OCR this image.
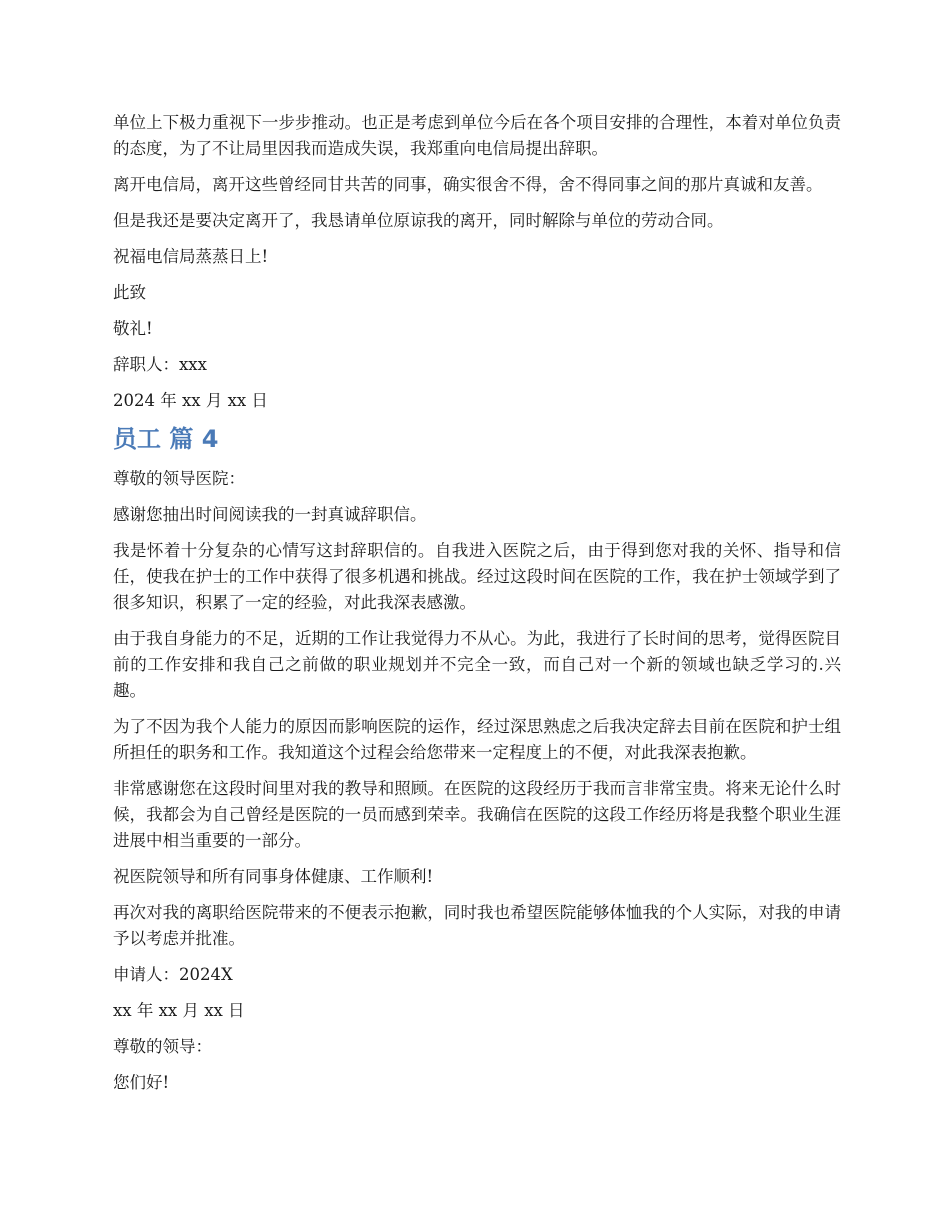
单位上下极力重视下一步步推动。也正是考虑到单位今后在各个项目安排的合理性，本着对单位负责的态度，为了不让局里因我而造成失误，我郑重向电信局提出辞职。

离开电信局，离开这些曾经同甘共苦的同事，确实很舍不得，舍不得同事之间的那片真诚和友善。

但是我还是要决定离开了，我恳请单位原谅我的离开，同时解除与单位的劳动合同。

祝福电信局蒸蒸日上!

此致

敬礼!

辞职人：xxx

2024 年 xx 月 xx 日

员工 篇 4

尊敬的领导医院：

感谢您抽出时间阅读我的一封真诚辞职信。

我是怀着十分复杂的心情写这封辞职信的。自我进入医院之后，由于得到您对我的关怀、指导和信任，使我在护士的工作中获得了很多机遇和挑战。经过这段时间在医院的工作，我在护士领域学到了很多知识，积累了一定的经验，对此我深表感激。

由于我自身能力的不足，近期的工作让我觉得力不从心。为此，我进行了长时间的思考，觉得医院目前的工作安排和我自己之前做的职业规划并不完全一致，而自己对一个新的领域也缺乏学习的.兴趣。

为了不因为我个人能力的原因而影响医院的运作，经过深思熟虑之后我决定辞去目前在医院和护士组所担任的职务和工作。我知道这个过程会给您带来一定程度上的不便，对此我深表抱歉。

非常感谢您在这段时间里对我的教导和照顾。在医院的这段经历于我而言非常宝贵。将来无论什么时候，我都会为自己曾经是医院的一员而感到荣幸。我确信在医院的这段工作经历将是我整个职业生涯进展中相当重要的一部分。

祝医院领导和所有同事身体健康、工作顺利!

再次对我的离职给医院带来的不便表示抱歉，同时我也希望医院能够体恤我的个人实际，对我的申请予以考虑并批准。

申请人：2024X

xx 年 xx 月 xx 日

尊敬的领导：

您们好!
